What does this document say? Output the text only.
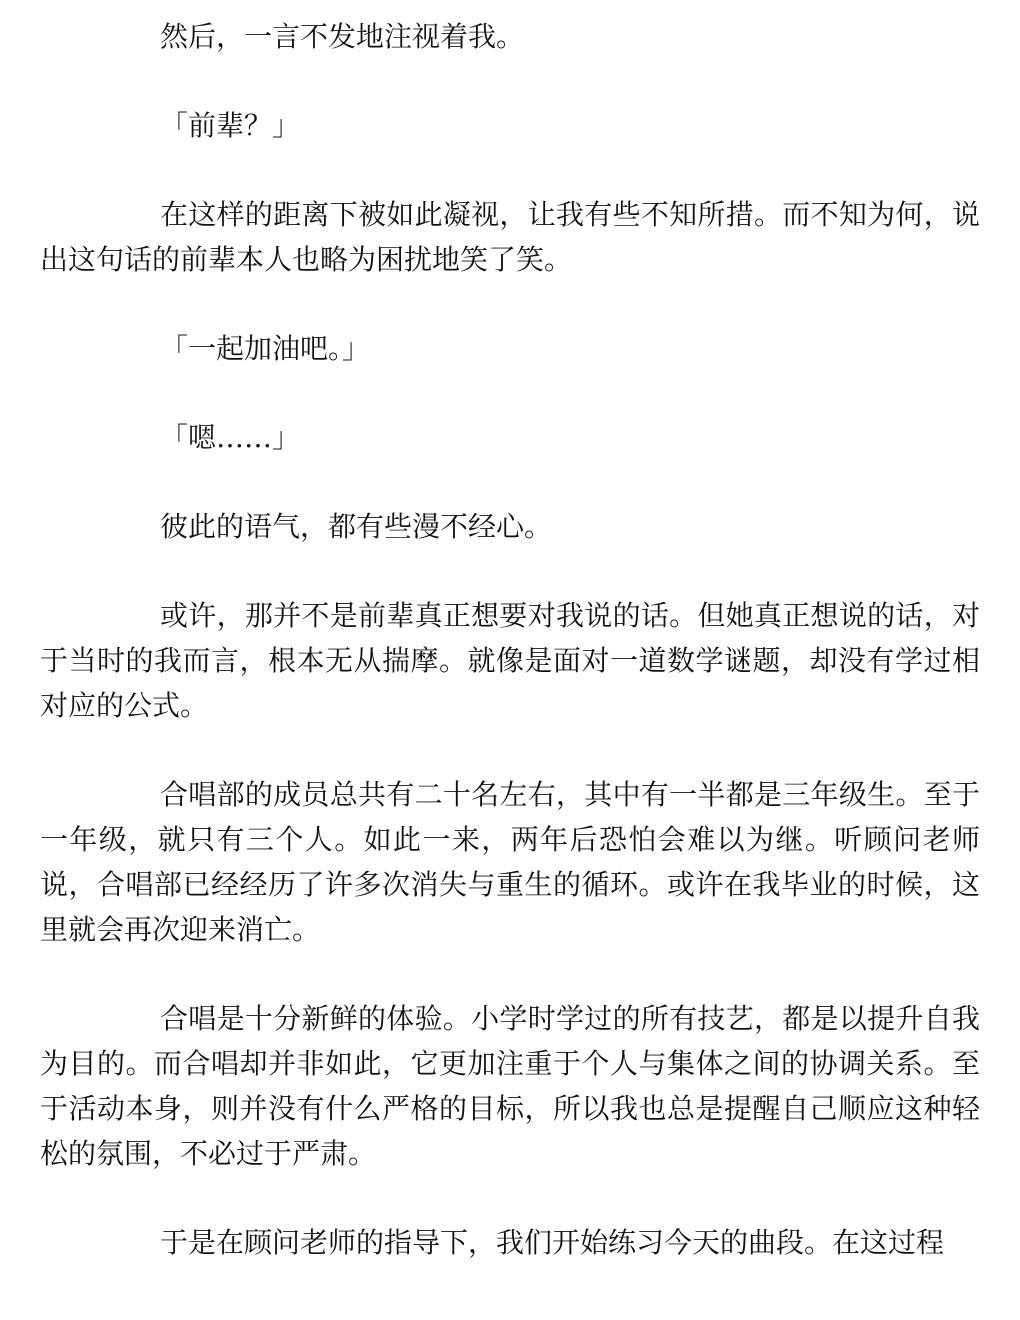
然后，一言不发地注视着我。

「前辈？」

在这样的距离下被如此凝视，让我有些不知所措。而不知为何，说出这句话的前辈本人也略为困扰地笑了笑。

「一起加油吧。」

「嗯……」

彼此的语气，都有些漫不经心。

或许，那并不是前辈真正想要对我说的话。但她真正想说的话，对于当时的我而言，根本无从揣摩。就像是面对一道数学谜题，却没有学过相对应的公式。

合唱部的成员总共有二十名左右，其中有一半都是三年级生。至于一年级，就只有三个人。如此一来，两年后恐怕会难以为继。听顾问老师说，合唱部已经经历了许多次消失与重生的循环。或许在我毕业的时候，这里就会再次迎来消亡。

合唱是十分新鲜的体验。小学时学过的所有技艺，都是以提升自我为目的。而合唱却并非如此，它更加注重于个人与集体之间的协调关系。至于活动本身，则并没有什么严格的目标，所以我也总是提醒自己顺应这种轻松的氛围，不必过于严肃。

于是在顾问老师的指导下，我们开始练习今天的曲段。在这过程
